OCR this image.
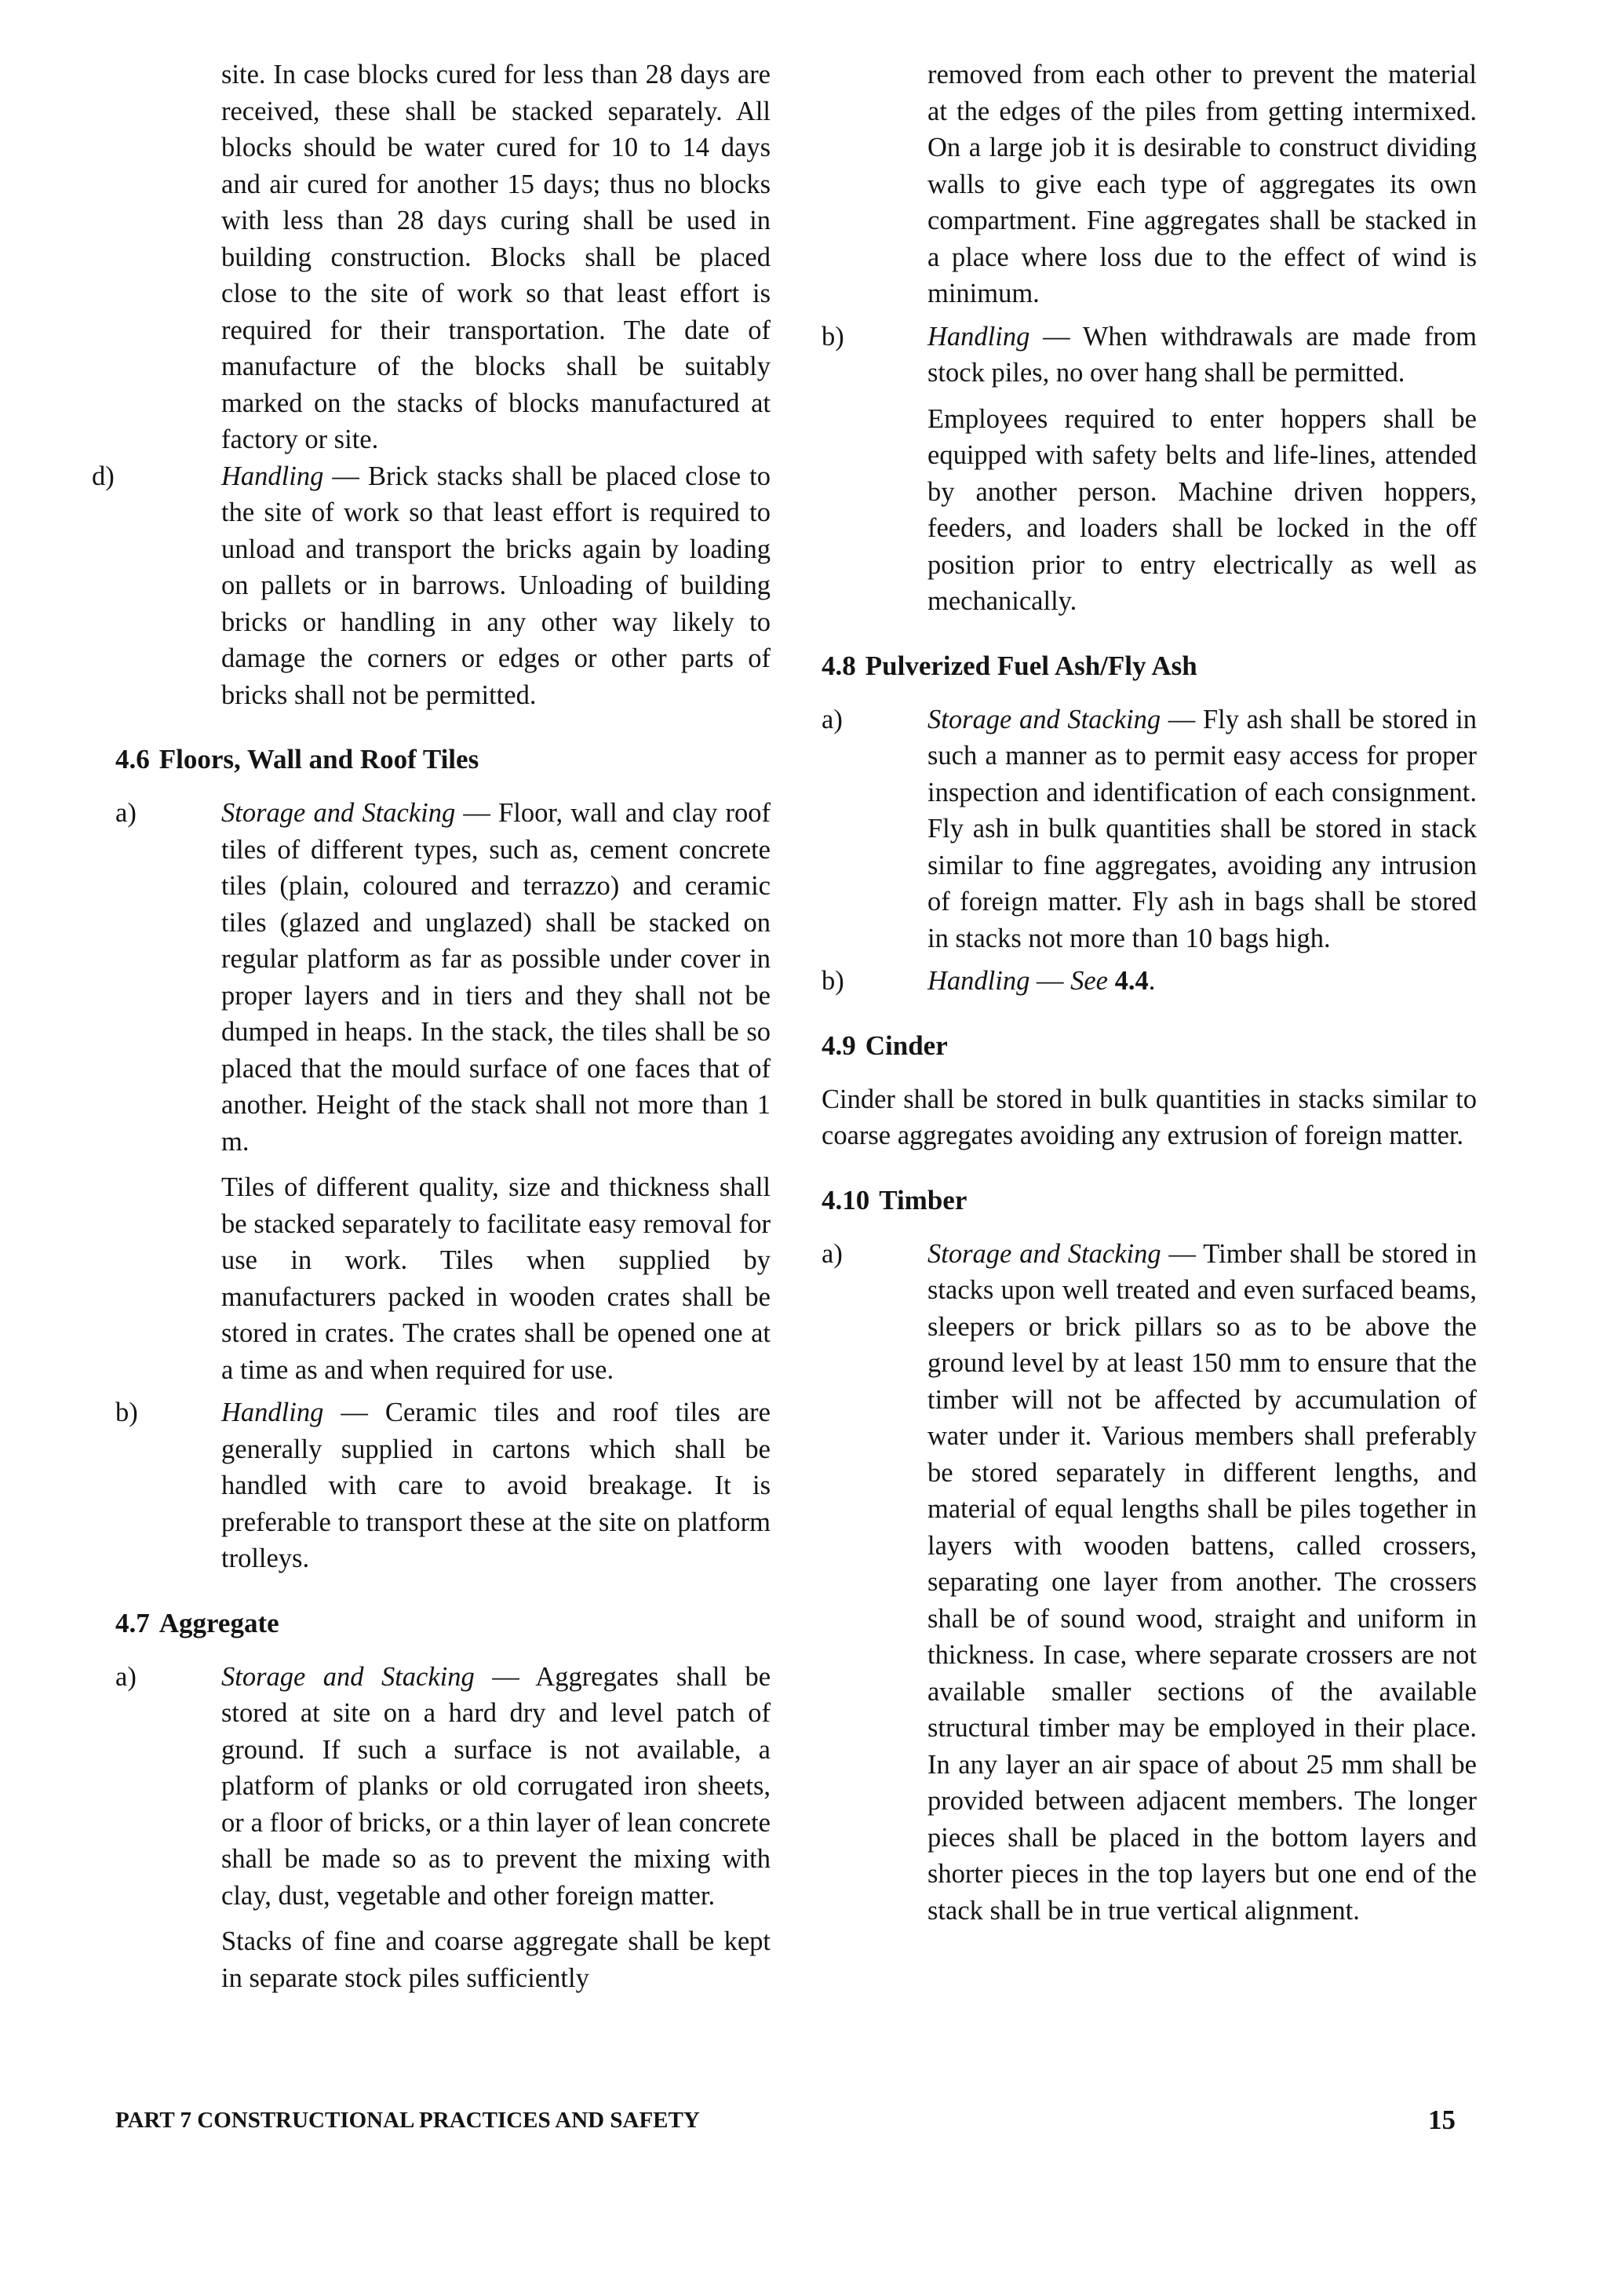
site. In case blocks cured for less than 28 days are received, these shall be stacked separately. All blocks should be water cured for 10 to 14 days and air cured for another 15 days; thus no blocks with less than 28 days curing shall be used in building construction. Blocks shall be placed close to the site of work so that least effort is required for their transportation. The date of manufacture of the blocks shall be suitably marked on the stacks of blocks manufactured at factory or site.

d)	Handling — Brick stacks shall be placed close to the site of work so that least effort is required to unload and transport the bricks again by loading on pallets or in barrows. Unloading of building bricks or handling in any other way likely to damage the corners or edges or other parts of bricks shall not be permitted.

4.6 Floors, Wall and Roof Tiles
a)	Storage and Stacking — Floor, wall and clay roof tiles of different types, such as, cement concrete tiles (plain, coloured and terrazzo) and ceramic tiles (glazed and unglazed) shall be stacked on regular platform as far as possible under cover in proper layers and in tiers and they shall not be dumped in heaps. In the stack, the tiles shall be so placed that the mould surface of one faces that of another. Height of the stack shall not more than 1 m.

Tiles of different quality, size and thickness shall be stacked separately to facilitate easy removal for use in work. Tiles when supplied by manufacturers packed in wooden crates shall be stored in crates. The crates shall be opened one at a time as and when required for use.

b)	Handling — Ceramic tiles and roof tiles are generally supplied in cartons which shall be handled with care to avoid breakage. It is preferable to transport these at the site on platform trolleys.

4.7 Aggregate
a)	Storage and Stacking — Aggregates shall be stored at site on a hard dry and level patch of ground. If such a surface is not available, a platform of planks or old corrugated iron sheets, or a floor of bricks, or a thin layer of lean concrete shall be made so as to prevent the mixing with clay, dust, vegetable and other foreign matter.

Stacks of fine and coarse aggregate shall be kept in separate stock piles sufficiently

removed from each other to prevent the material at the edges of the piles from getting intermixed. On a large job it is desirable to construct dividing walls to give each type of aggregates its own compartment. Fine aggregates shall be stacked in a place where loss due to the effect of wind is minimum.

b)	Handling — When withdrawals are made from stock piles, no over hang shall be permitted.

Employees required to enter hoppers shall be equipped with safety belts and life-lines, attended by another person. Machine driven hoppers, feeders, and loaders shall be locked in the off position prior to entry electrically as well as mechanically.

4.8 Pulverized Fuel Ash/Fly Ash
a)	Storage and Stacking — Fly ash shall be stored in such a manner as to permit easy access for proper inspection and identification of each consignment. Fly ash in bulk quantities shall be stored in stack similar to fine aggregates, avoiding any intrusion of foreign matter. Fly ash in bags shall be stored in stacks not more than 10 bags high.

b)	Handling — See 4.4.

4.9 Cinder

Cinder shall be stored in bulk quantities in stacks similar to coarse aggregates avoiding any extrusion of foreign matter.

4.10 Timber
a)	Storage and Stacking — Timber shall be stored in stacks upon well treated and even surfaced beams, sleepers or brick pillars so as to be above the ground level by at least 150 mm to ensure that the timber will not be affected by accumulation of water under it. Various members shall preferably be stored separately in different lengths, and material of equal lengths shall be piles together in layers with wooden battens, called crossers, separating one layer from another. The crossers shall be of sound wood, straight and uniform in thickness. In case, where separate crossers are not available smaller sections of the available structural timber may be employed in their place. In any layer an air space of about 25 mm shall be provided between adjacent members. The longer pieces shall be placed in the bottom layers and shorter pieces in the top layers but one end of the stack shall be in true vertical alignment.

PART 7 CONSTRUCTIONAL PRACTICES AND SAFETY	15
